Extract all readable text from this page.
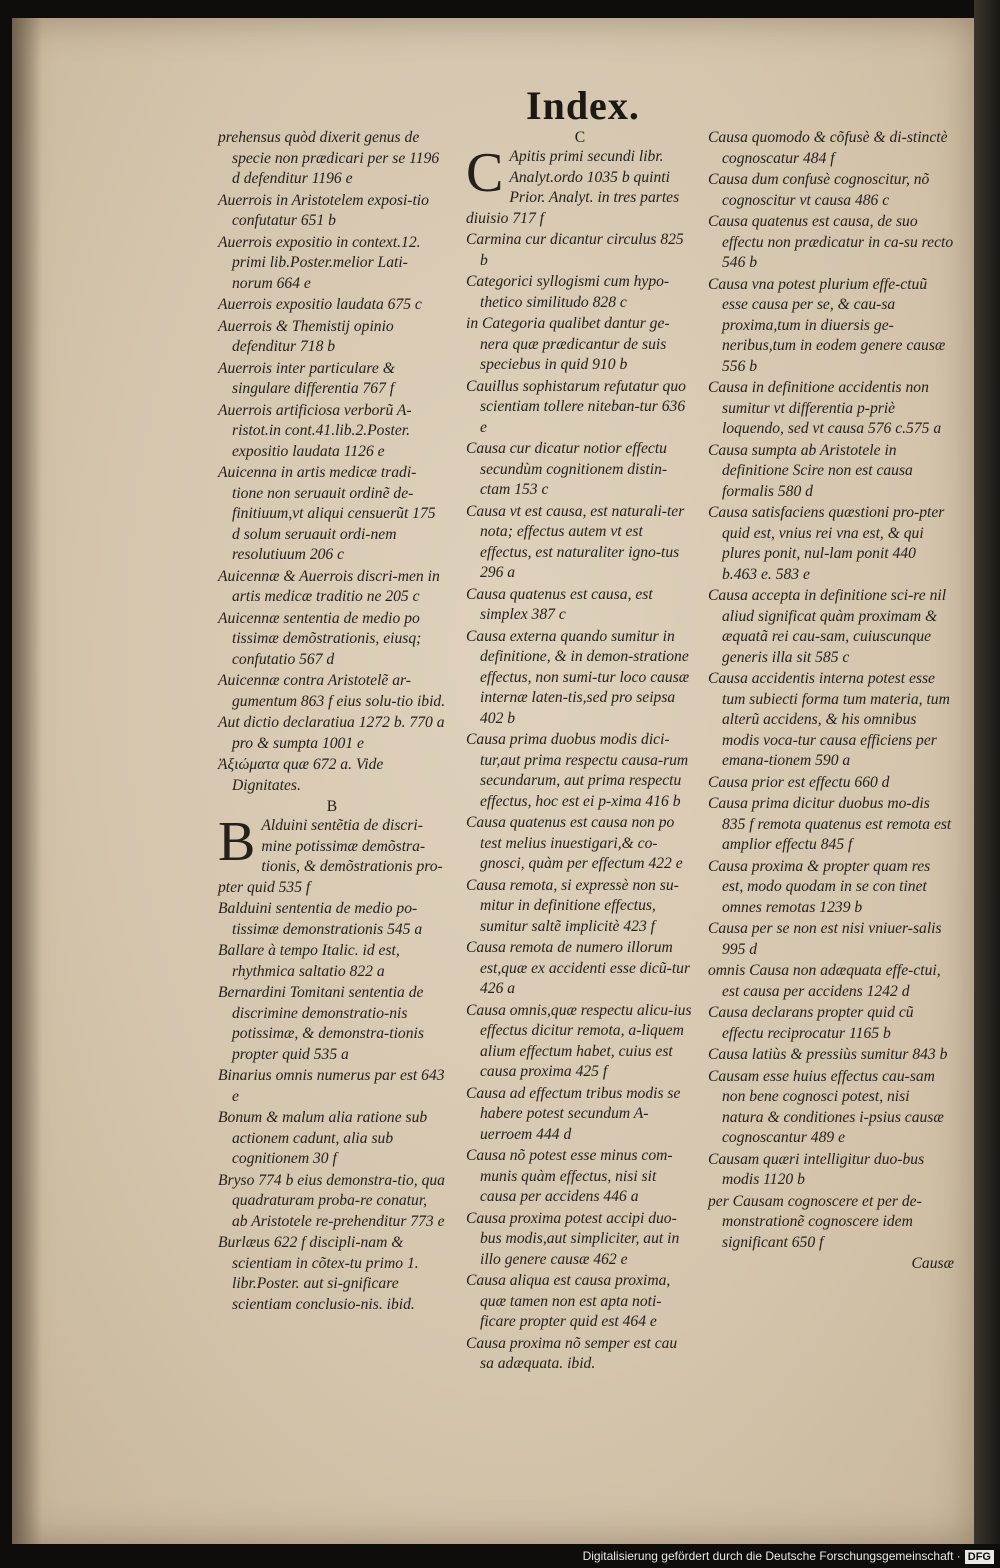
Index.

prehensus quòd dixerit genus de specie non prædicari per se 1196 d defenditur 1196 e

Auerrois in Aristotelem exposi-tio confutatur 651 b

Auerrois expositio in context.12. primi lib.Poster.melior Lati-norum 664 e

Auerrois expositio laudata 675 c

Auerrois & Themistij opinio defenditur 718 b

Auerrois inter particulare & singulare differentia 767 f

Auerrois artificiosa verborũ A-ristot.in cont.41.lib.2.Poster. expositio laudata 1126 e

Auicenna in artis medicæ tradi-tione non seruauit ordinẽ de-finitiuum,vt aliqui censuerũt 175 d solum seruauit ordi-nem resolutiuum 206 c

Auicennæ & Auerrois discri-men in artis medicæ traditio ne 205 c

Auicennæ sententia de medio po tissimæ demõstrationis, eiusq; confutatio 567 d

Auicennæ contra Aristotelẽ ar-gumentum 863 f eius solu-tio ibid.

Aut dictio declaratiua 1272 b. 770 a pro & sumpta 1001 e

Ἀξιώματα quæ 672 a. Vide Dignitates.

B

B Alduini sentẽtia de discri-mine potissimæ demõstra-tionis, & demõstrationis pro-pter quid 535 f

Balduini sententia de medio po-tissimæ demonstrationis 545 a

Ballare à tempo Italic. id est, rhythmica saltatio 822 a

Bernardini Tomitani sententia de discrimine demonstratio-nis potissimæ, & demonstra-tionis propter quid 535 a

Binarius omnis numerus par est 643 e

Bonum & malum alia ratione sub actionem cadunt, alia sub cognitionem 30 f

Bryso 774 b eius demonstra-tio, qua quadraturam proba-re conatur, ab Aristotele re-prehenditur 773 e

Burlæus 622 f discipli-nam & scientiam in cõtex-tu primo 1. libr.Poster. aut si-gnificare scientiam conclusio-nis. ibid.

C

C Apitis primi secundi libr. Analyt.ordo 1035 b quinti Prior. Analyt. in tres partes diuisio 717 f

Carmina cur dicantur circulus 825 b

Categorici syllogismi cum hypo-thetico similitudo 828 c

in Categoria qualibet dantur ge-nera quæ prædicantur de suis speciebus in quid 910 b

Cauillus sophistarum refutatur quo scientiam tollere niteban-tur 636 e

Causa cur dicatur notior effectu secundùm cognitionem distin-ctam 153 c

Causa vt est causa, est naturali-ter nota; effectus autem vt est effectus, est naturaliter igno-tus 296 a

Causa quatenus est causa, est simplex 387 c

Causa externa quando sumitur in definitione, & in demon-stratione effectus, non sumi-tur loco causæ internæ laten-tis,sed pro seipsa 402 b

Causa prima duobus modis dici-tur,aut prima respectu causa-rum secundarum, aut prima respectu effectus, hoc est ei p-xima 416 b

Causa quatenus est causa non po test melius inuestigari,& co-gnosci, quàm per effectum 422 e

Causa remota, si expressè non su-mitur in definitione effectus, sumitur saltẽ implicitè 423 f

Causa remota de numero illorum est,quæ ex accidenti esse dicũ-tur 426 a

Causa omnis,quæ respectu alicu-ius effectus dicitur remota, a-liquem alium effectum habet, cuius est causa proxima 425 f

Causa ad effectum tribus modis se habere potest secundum A-uerroem 444 d

Causa nõ potest esse minus com-munis quàm effectus, nisi sit causa per accidens 446 a

Causa proxima potest accipi duo-bus modis,aut simpliciter, aut in illo genere causæ 462 e

Causa aliqua est causa proxima, quæ tamen non est apta noti-ficare propter quid est 464 e

Causa proxima nõ semper est cau sa adæquata. ibid.

Causa quomodo & cõfusè & di-stinctè cognoscatur 484 f

Causa dum confusè cognoscitur, nõ cognoscitur vt causa 486 c

Causa quatenus est causa, de suo effectu non prædicatur in ca-su recto 546 b

Causa vna potest plurium effe-ctuũ esse causa per se, & cau-sa proxima,tum in diuersis ge-neribus,tum in eodem genere causæ 556 b

Causa in definitione accidentis non sumitur vt differentia p-priè loquendo, sed vt causa 576 c.575 a

Causa sumpta ab Aristotele in definitione Scire non est causa formalis 580 d

Causa satisfaciens quæstioni pro-pter quid est, vnius rei vna est, & qui plures ponit, nul-lam ponit 440 b.463 e. 583 e

Causa accepta in definitione sci-re nil aliud significat quàm proximam & æquatã rei cau-sam, cuiuscunque generis illa sit 585 c

Causa accidentis interna potest esse tum subiecti forma tum materia, tum alterũ accidens, & his omnibus modis voca-tur causa efficiens per emana-tionem 590 a

Causa prior est effectu 660 d

Causa prima dicitur duobus mo-dis 835 f remota quatenus est remota est amplior effectu 845 f

Causa proxima & propter quam res est, modo quodam in se con tinet omnes remotas 1239 b

Causa per se non est nisi vniuer-salis 995 d

omnis Causa non adæquata effe-ctui, est causa per accidens 1242 d

Causa declarans propter quid cũ effectu reciprocatur 1165 b

Causa latiùs & pressiùs sumitur 843 b

Causam esse huius effectus cau-sam non bene cognosci potest, nisi natura & conditiones i-psius causæ cognoscantur 489 e

Causam quæri intelligitur duo-bus modis 1120 b

per Causam cognoscere et per de-monstrationẽ cognoscere idem significant 650 f

Causæ

Digitalisierung gefördert durch die Deutsche Forschungsgemeinschaft · DFG
